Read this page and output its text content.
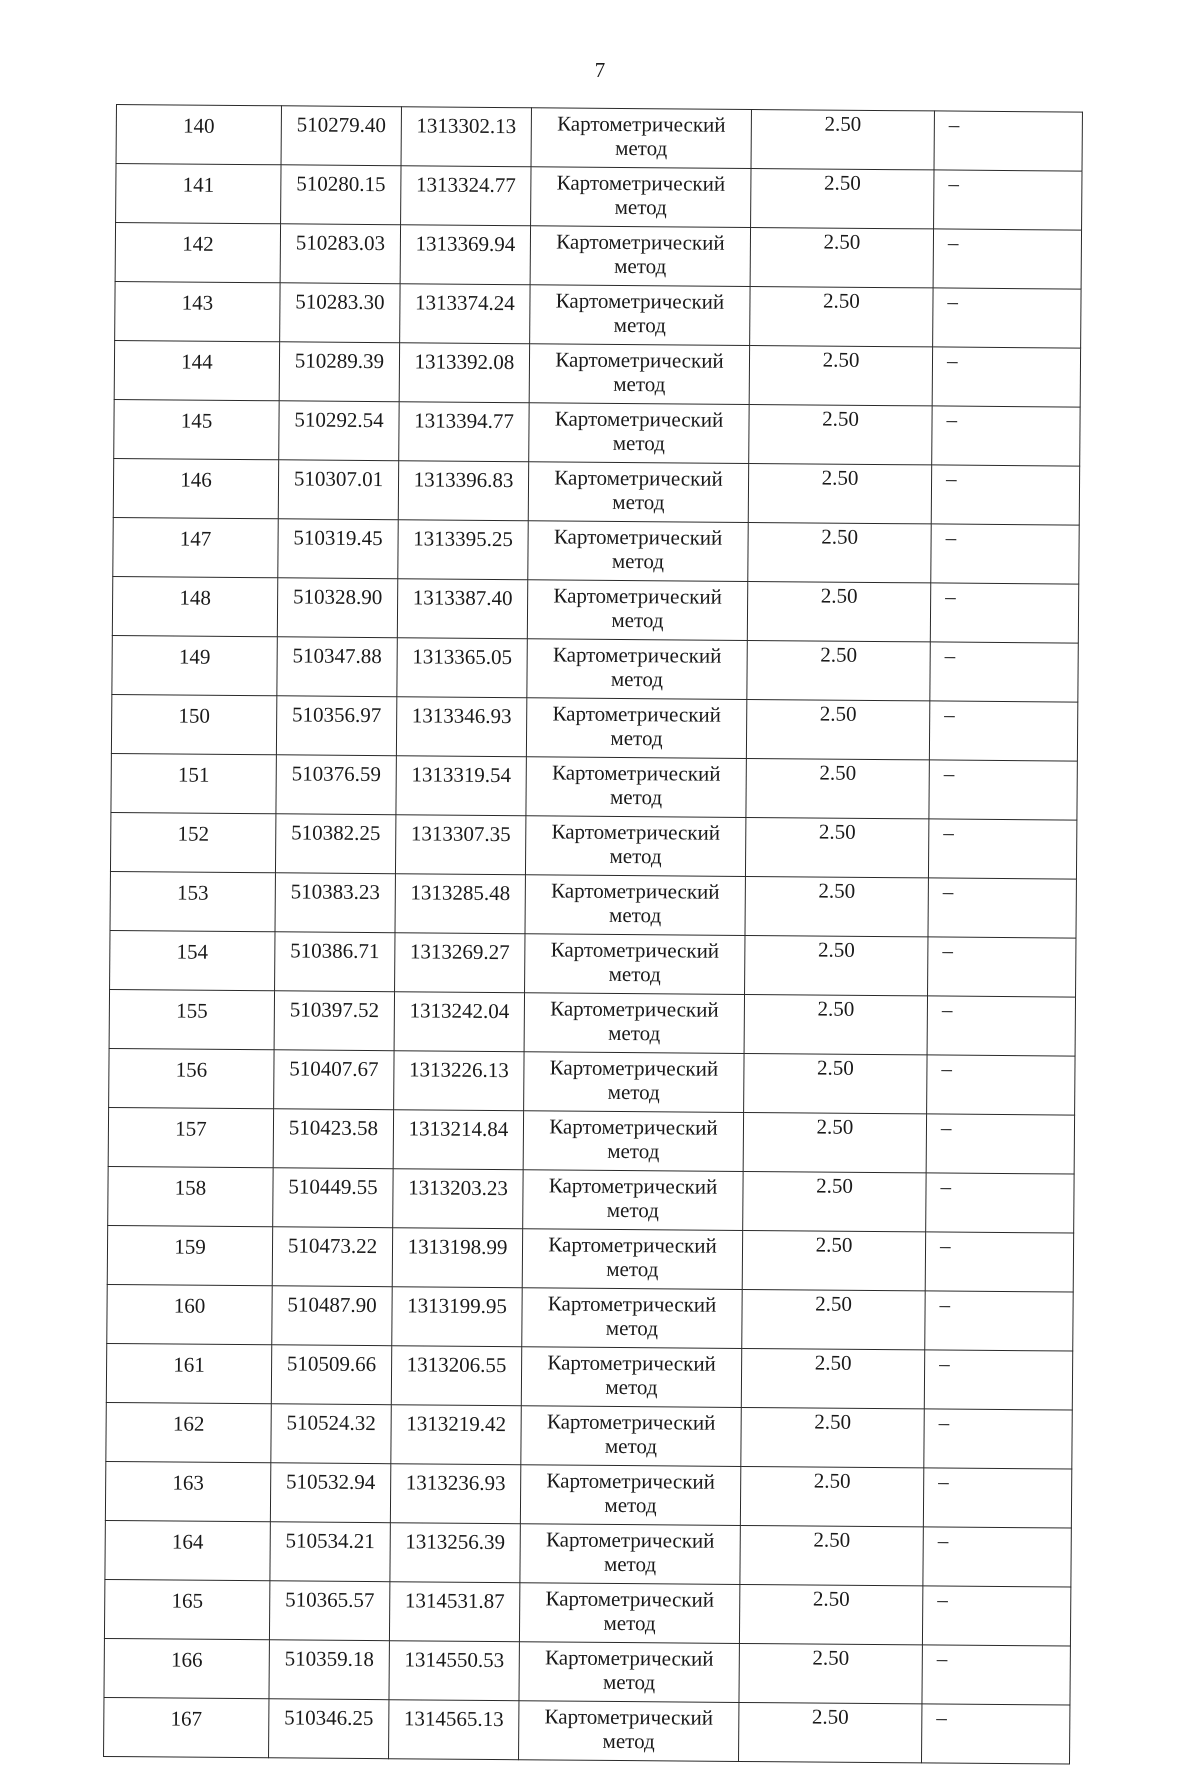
7
140	510279.40	1313302.13	Картометрический метод	2.50	–
141	510280.15	1313324.77	Картометрический метод	2.50	–
142	510283.03	1313369.94	Картометрический метод	2.50	–
143	510283.30	1313374.24	Картометрический метод	2.50	–
144	510289.39	1313392.08	Картометрический метод	2.50	–
145	510292.54	1313394.77	Картометрический метод	2.50	–
146	510307.01	1313396.83	Картометрический метод	2.50	–
147	510319.45	1313395.25	Картометрический метод	2.50	–
148	510328.90	1313387.40	Картометрический метод	2.50	–
149	510347.88	1313365.05	Картометрический метод	2.50	–
150	510356.97	1313346.93	Картометрический метод	2.50	–
151	510376.59	1313319.54	Картометрический метод	2.50	–
152	510382.25	1313307.35	Картометрический метод	2.50	–
153	510383.23	1313285.48	Картометрический метод	2.50	–
154	510386.71	1313269.27	Картометрический метод	2.50	–
155	510397.52	1313242.04	Картометрический метод	2.50	–
156	510407.67	1313226.13	Картометрический метод	2.50	–
157	510423.58	1313214.84	Картометрический метод	2.50	–
158	510449.55	1313203.23	Картометрический метод	2.50	–
159	510473.22	1313198.99	Картометрический метод	2.50	–
160	510487.90	1313199.95	Картометрический метод	2.50	–
161	510509.66	1313206.55	Картометрический метод	2.50	–
162	510524.32	1313219.42	Картометрический метод	2.50	–
163	510532.94	1313236.93	Картометрический метод	2.50	–
164	510534.21	1313256.39	Картометрический метод	2.50	–
165	510365.57	1314531.87	Картометрический метод	2.50	–
166	510359.18	1314550.53	Картометрический метод	2.50	–
167	510346.25	1314565.13	Картометрический метод	2.50	–
